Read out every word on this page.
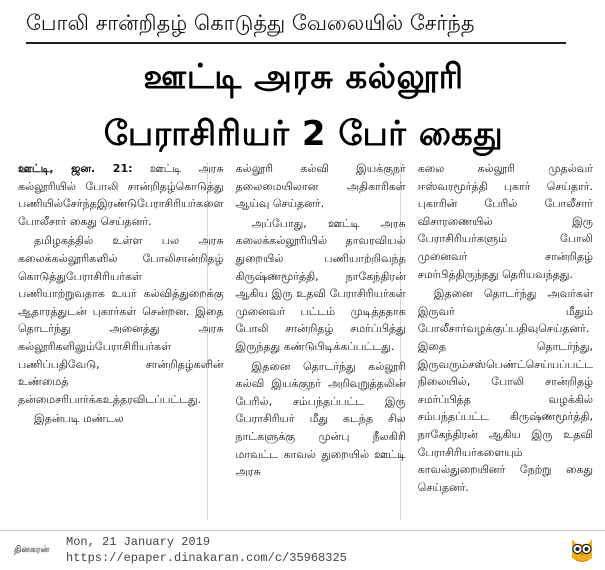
போலி சான்றிதழ் கொடுத்து வேலையில் சேர்ந்த
ஊட்டி அரசு கல்லூரி
பேராசிரியர் 2 பேர் கைது

ஊட்டி, ஜன. 21: ஊட்டி அரசு கல்லூரியில் போலி சான்றிதழ்கொடுத்து பணியில்சேர்ந்தஇரண்டுபேராசிரியர்களை போலீசார் கைது செய்தனர்.

தமிழகத்தில் உள்ள பல அரசு கலைக்கல்லூரிகளில் போலிசான்றிதழ் கொடுத்துபேராசிரியர்கள் பணியாற்றுவதாக உயர் கல்வித்துறைக்கு ஆதாரத்துடன் புகார்கள் சென்றன. இதை தொடர்ந்து அனைத்து அரசு கல்லூரிகளிலும்பேராசிரியர்கள் பணிப்பதிவேடு, சான்றிதழ்களின் உண்மைத் தன்மைசரிபார்க்கஉத்தரவிடப்பட்டது.

இதன்படி மண்டல

கல்லூரி கல்வி இயக்குநர் தலைமையிலான அதிகாரிகள் ஆய்வு செய்தனர்.

அப்போது, ஊட்டி அரசு கலைக்கல்லூரியில் தாவரவியல் துறையில் பணியாற்றிவந்த கிருஷ்ணமூர்த்தி, நாகேந்திரன் ஆகிய இரு உதவி பேராசிரியர்கள் முனைவர் பட்டம் முடித்ததாக போலி சான்றிதழ் சமர்ப்பித்து இருந்தது கண்டுபிடிக்கப்பட்டது.

இதனை தொடர்ந்து கல்லூரி கல்வி இயக்குநர் அறிவுறுத்தலின் பேரில், சம்பந்தப்பட்ட இரு பேராசிரியர் மீது கடந்த சில நாட்களுக்கு முன்பு நீலகிரி மாவட்ட காவல் துறையில் ஊட்டி அரசு

கலை கல்லூரி முதல்வர் ஈஸ்வரமூர்த்தி புகார் செய்தார். புகாரின் பேரில் போலீசார் விசாரணையில் இரு பேராசிரியர்களும் போலி முனைவர் சான்றிதழ் சமர்பித்திருந்தது தெரியவந்தது.

இதனை தொடர்ந்து அவர்கள் இருவர் மீதும் போலீசார்வழக்குப்பதிவுசெய்தனர். இதை தொடர்ந்து, இருவரும்சஸ்பெண்ட்செய்யப்பட்ட நிலையில், போலி சான்றிதழ் சமர்ப்பித்த வழக்கில் சம்பந்தப்பட்ட கிருஷ்ணமூர்த்தி, நாகேந்திரன் ஆகிய இரு உதவி பேராசிரியர்களையும் காவல்துறையினர் நேற்று கைது செய்தனர்.

தினகரன்	Mon, 21 January 2019
https://epaper.dinakaran.com/c/35968325
